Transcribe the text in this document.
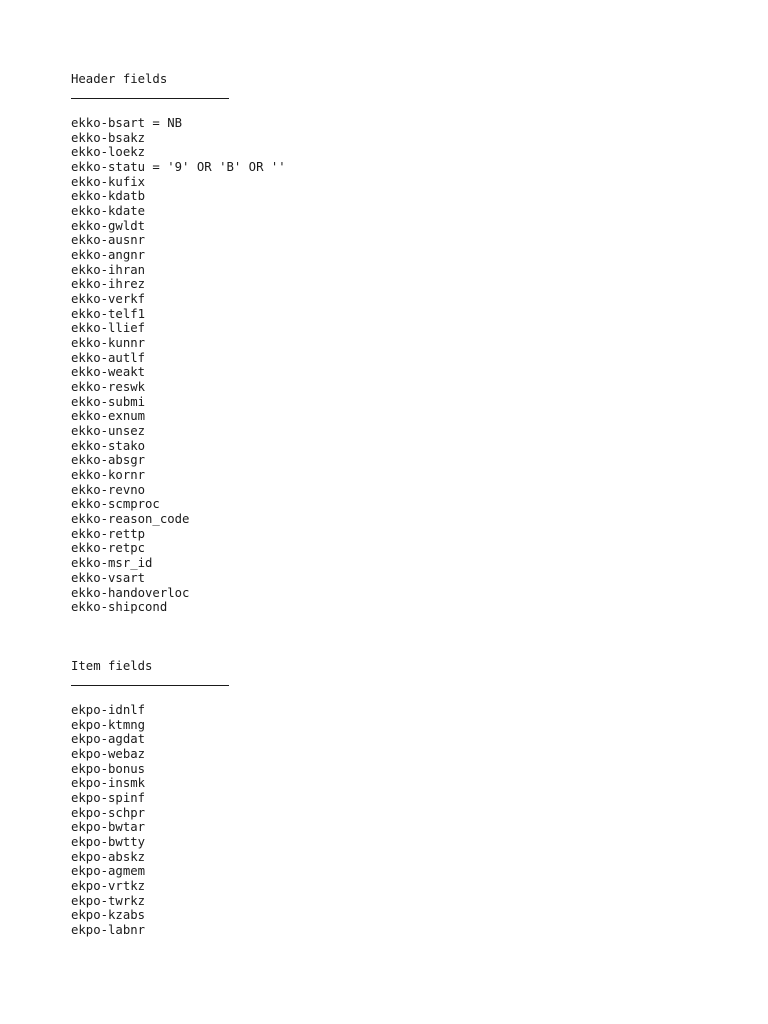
Header fields
ekko-bsart = NB
ekko-bsakz
ekko-loekz
ekko-statu = '9' OR 'B' OR ''
ekko-kufix
ekko-kdatb
ekko-kdate
ekko-gwldt
ekko-ausnr
ekko-angnr
ekko-ihran
ekko-ihrez
ekko-verkf
ekko-telf1
ekko-llief
ekko-kunnr
ekko-autlf
ekko-weakt
ekko-reswk
ekko-submi
ekko-exnum
ekko-unsez
ekko-stako
ekko-absgr
ekko-kornr
ekko-revno
ekko-scmproc
ekko-reason_code
ekko-rettp
ekko-retpc
ekko-msr_id
ekko-vsart
ekko-handoverloc
ekko-shipcond
Item fields
ekpo-idnlf
ekpo-ktmng
ekpo-agdat
ekpo-webaz
ekpo-bonus
ekpo-insmk
ekpo-spinf
ekpo-schpr
ekpo-bwtar
ekpo-bwtty
ekpo-abskz
ekpo-agmem
ekpo-vrtkz
ekpo-twrkz
ekpo-kzabs
ekpo-labnr
